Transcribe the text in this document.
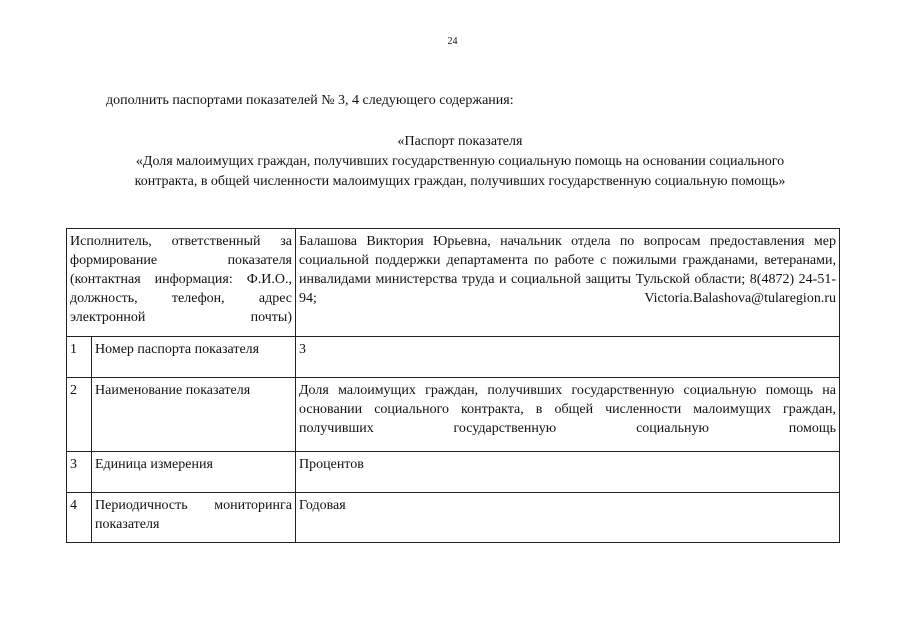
24
дополнить паспортами показателей № 3, 4 следующего содержания:
«Паспорт показателя
«Доля малоимущих граждан, получивших государственную социальную помощь на основании социального контракта, в общей численности малоимущих граждан, получивших государственную социальную помощь»
Исполнитель, ответственный за формирование показателя (контактная информация: Ф.И.О., должность, телефон, адрес электронной почты)		Балашова Виктория Юрьевна, начальник отдела по вопросам предоставления мер социальной поддержки департамента по работе с пожилыми гражданами, ветеранами, инвалидами министерства труда и социальной защиты Тульской области; 8(4872) 24-51-94; Victoria.Balashova@tularegion.ru
1	Номер паспорта показателя	3
2	Наименование показателя	Доля малоимущих граждан, получивших государственную социальную помощь на основании социального контракта, в общей численности малоимущих граждан, получивших государственную социальную помощь
3	Единица измерения	Процентов
4	Периодичность мониторинга показателя	Годовая
